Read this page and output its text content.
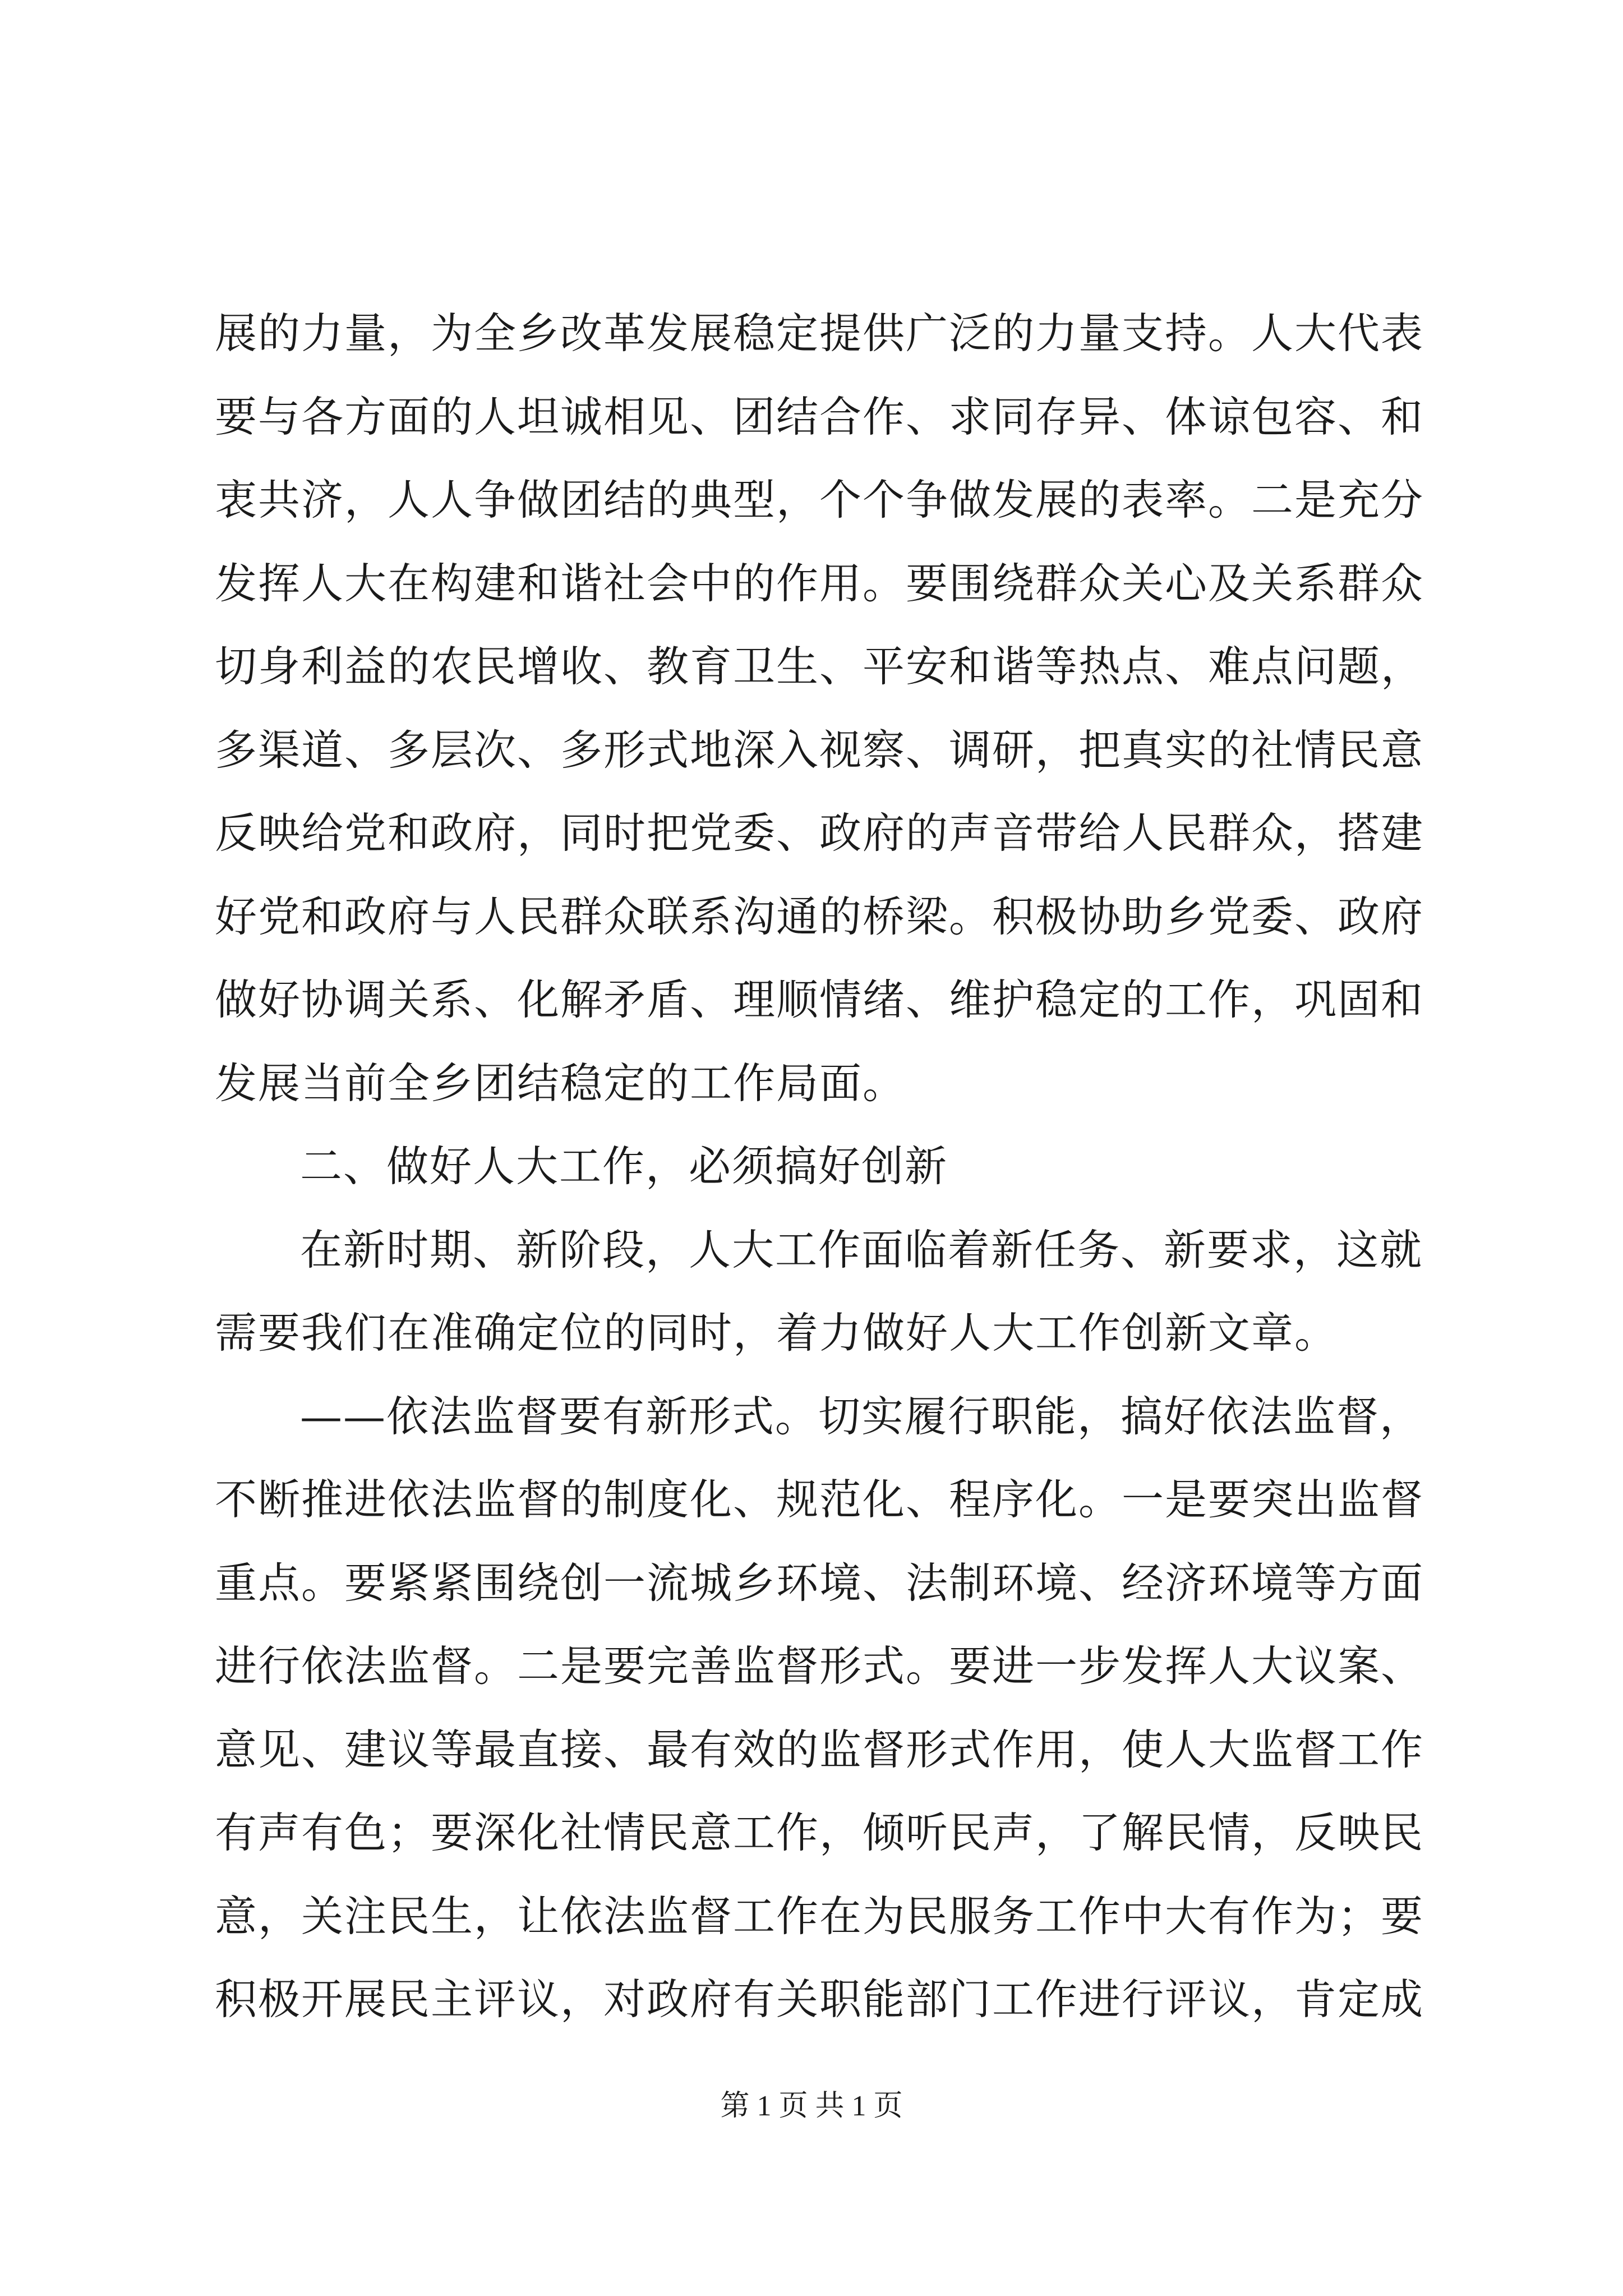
展的力量，为全乡改革发展稳定提供广泛的力量支持。人大代表
要与各方面的人坦诚相见、团结合作、求同存异、体谅包容、和
衷共济，人人争做团结的典型，个个争做发展的表率。二是充分
发挥人大在构建和谐社会中的作用。要围绕群众关心及关系群众
切身利益的农民增收、教育卫生、平安和谐等热点、难点问题，
多渠道、多层次、多形式地深入视察、调研，把真实的社情民意
反映给党和政府，同时把党委、政府的声音带给人民群众，搭建
好党和政府与人民群众联系沟通的桥梁。积极协助乡党委、政府
做好协调关系、化解矛盾、理顺情绪、维护稳定的工作，巩固和
发展当前全乡团结稳定的工作局面。
二、做好人大工作，必须搞好创新
在新时期、新阶段，人大工作面临着新任务、新要求，这就
需要我们在准确定位的同时，着力做好人大工作创新文章。
——依法监督要有新形式。切实履行职能，搞好依法监督，
不断推进依法监督的制度化、规范化、程序化。一是要突出监督
重点。要紧紧围绕创一流城乡环境、法制环境、经济环境等方面
进行依法监督。二是要完善监督形式。要进一步发挥人大议案、
意见、建议等最直接、最有效的监督形式作用，使人大监督工作
有声有色；要深化社情民意工作，倾听民声，了解民情，反映民
意，关注民生，让依法监督工作在为民服务工作中大有作为；要
积极开展民主评议，对政府有关职能部门工作进行评议，肯定成
第 1 页 共 1 页
